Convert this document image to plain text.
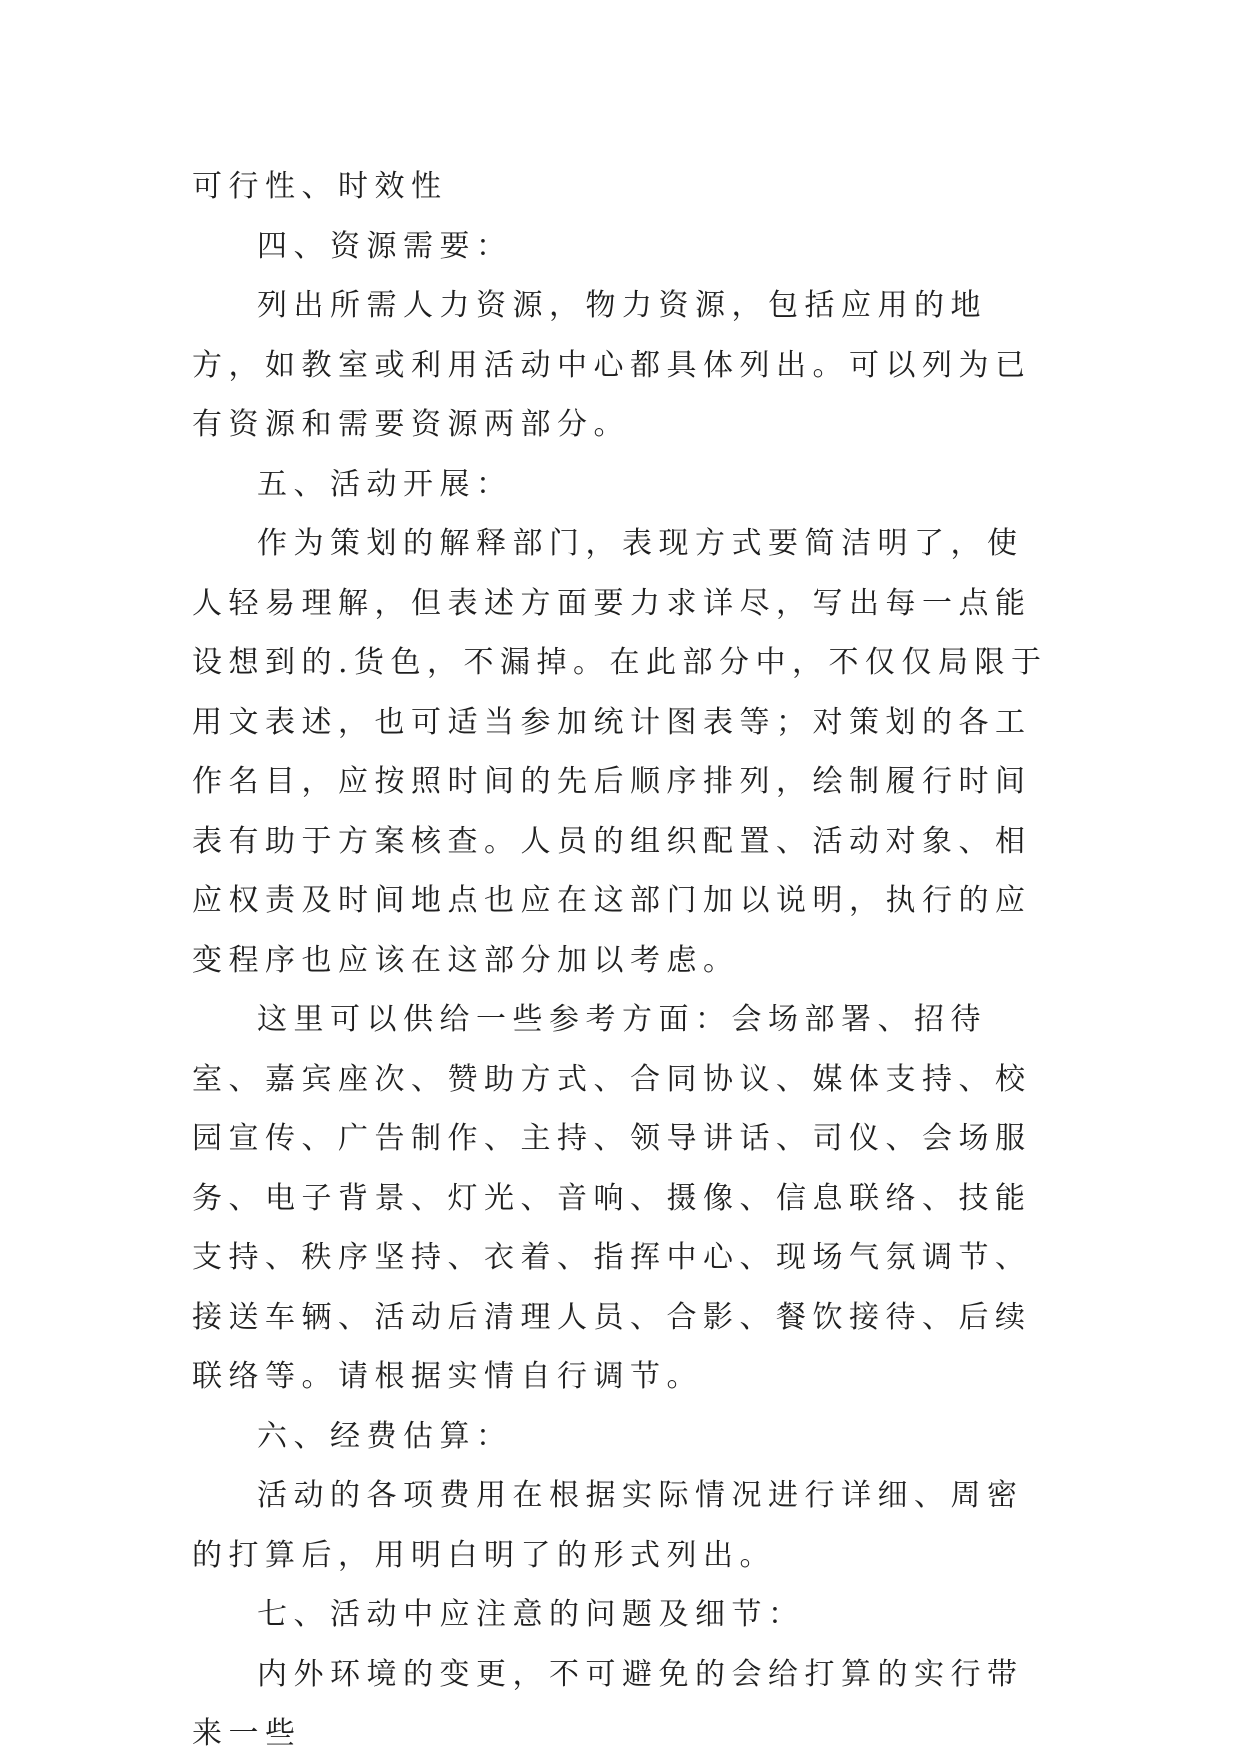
可行性、时效性

四、资源需要：

列出所需人力资源，物力资源，包括应用的地方，如教室或利用活动中心都具体列出。可以列为已有资源和需要资源两部分。

五、活动开展：

作为策划的解释部门，表现方式要简洁明了，使人轻易理解，但表述方面要力求详尽，写出每一点能设想到的.货色，不漏掉。在此部分中，不仅仅局限于用文表述，也可适当参加统计图表等；对策划的各工作名目，应按照时间的先后顺序排列，绘制履行时间表有助于方案核查。人员的组织配置、活动对象、相应权责及时间地点也应在这部门加以说明，执行的应变程序也应该在这部分加以考虑。

这里可以供给一些参考方面：会场部署、招待室、嘉宾座次、赞助方式、合同协议、媒体支持、校园宣传、广告制作、主持、领导讲话、司仪、会场服务、电子背景、灯光、音响、摄像、信息联络、技能支持、秩序坚持、衣着、指挥中心、现场气氛调节、接送车辆、活动后清理人员、合影、餐饮接待、后续联络等。请根据实情自行调节。

六、经费估算：

活动的各项费用在根据实际情况进行详细、周密的打算后，用明白明了的形式列出。

七、活动中应注意的问题及细节：

内外环境的变更，不可避免的会给打算的实行带来一些
